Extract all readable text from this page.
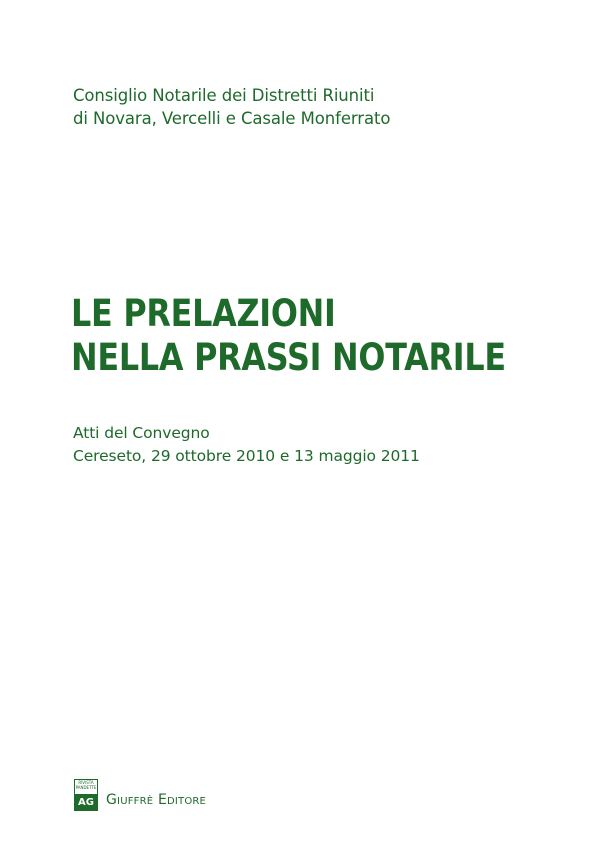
Consiglio Notarile dei Distretti Riuniti
di Novara, Vercelli e Casale Monferrato
LE PRELAZIONI
NELLA PRASSI NOTARILE
Atti del Convegno
Cereseto, 29 ottobre 2010 e 13 maggio 2011
RIVISTA PANDETTE
AG Giuffrè Editore
